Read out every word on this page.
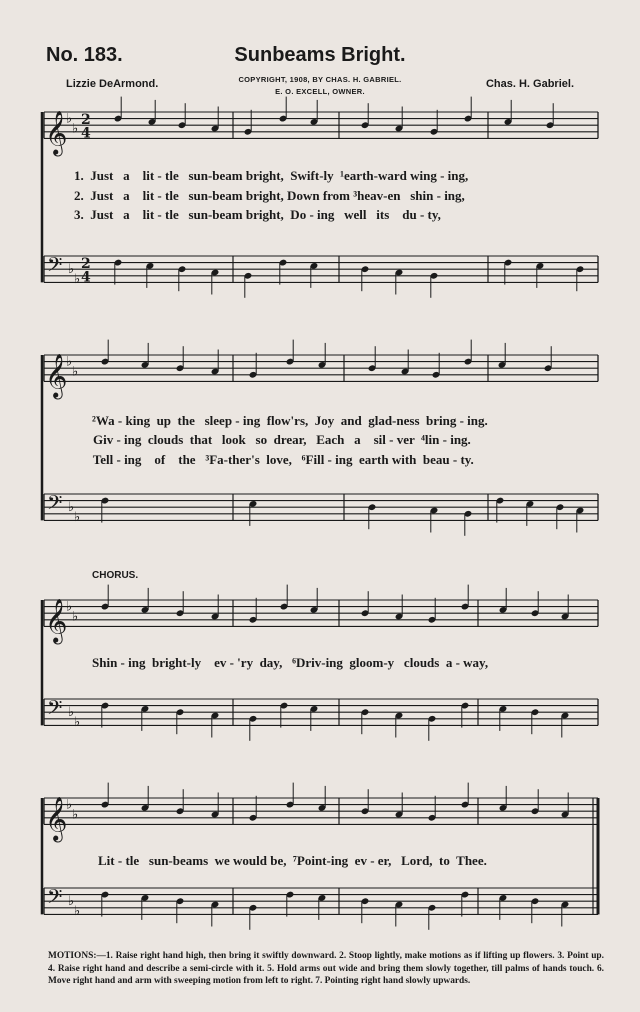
No. 183.	Sunbeams Bright.
Lizzie DeArmond.	COPYRIGHT, 1908, BY CHAS. H. GABRIEL.
E. O. EXCELL, OWNER.
Chas. H. Gabriel.
𝄞
♭
♭
2
4
𝄢 ♭
♭
2
4
𝄞
♭
♭
𝄢 ♭
♭
𝄞
♭
♭
𝄢 ♭
♭
𝄞
♭
♭
𝄢 ♭
♭
1.  Just   a    lit - tle   sun-beam bright,  Swift-ly  ¹earth-ward wing - ing,
2.  Just   a    lit - tle   sun-beam bright, Down from ³heav-en   shin - ing,
3.  Just   a    lit - tle   sun-beam bright,  Do - ing   well   its    du - ty,
²Wa - king  up  the   sleep - ing  flow'rs,  Joy  and  glad-ness  bring - ing.
Giv - ing  clouds  that   look   so  drear,   Each   a    sil - ver  ⁴lin - ing.
Tell - ing    of    the   ³Fa-ther's  love,   ⁶Fill - ing  earth with  beau - ty.
CHORUS.
Shin - ing  bright-ly    ev - 'ry  day,   ⁶Driv-ing  gloom-y   clouds  a - way,
Lit - tle   sun-beams  we would be,  ⁷Point-ing  ev - er,   Lord,  to  Thee.
MOTIONS:—1. Raise right hand high, then bring it swiftly downward. 2. Stoop lightly, make motions as if lifting up flowers. 3. Point up. 4. Raise right hand and describe a semi-circle with it. 5. Hold arms out wide and bring them slowly together, till palms of hands touch. 6. Move right hand and arm with sweeping motion from left to right. 7. Pointing right hand slowly upwards.
